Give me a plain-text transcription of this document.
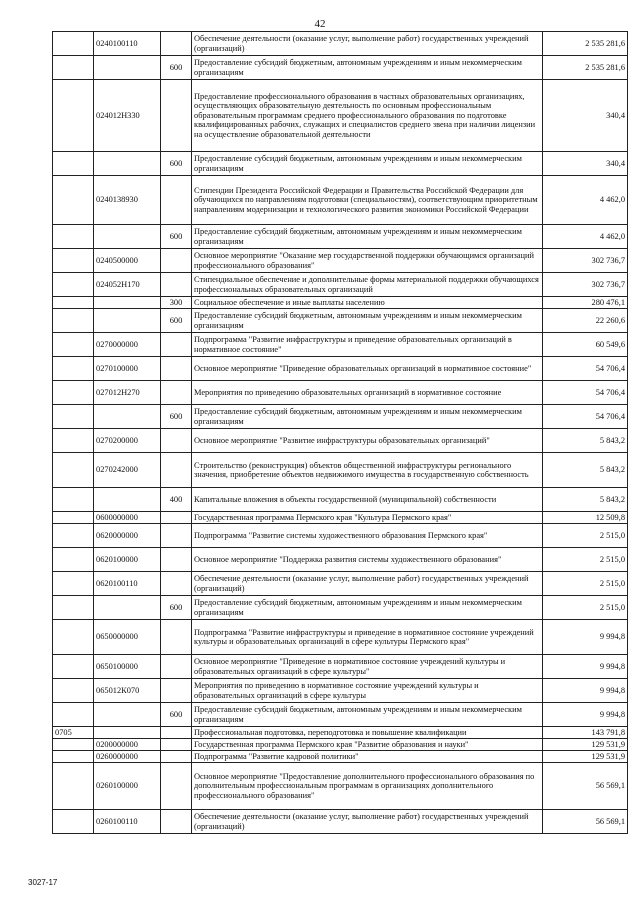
42
	0240100110		Обеспечение деятельности (оказание услуг, выполнение работ) государственных учреждений (организаций)	2 535 281,6
		600	Предоставление субсидий бюджетным, автономным учреждениям и иным некоммерческим организациям	2 535 281,6
	024012Н330		Предоставление профессионального образования в частных образовательных организациях, осуществляющих образовательную деятельность по основным профессиональным образовательным программам среднего профессионального образования по подготовке квалифицированных рабочих, служащих и специалистов среднего звена при наличии лицензии на осуществление образовательной деятельности	340,4
		600	Предоставление субсидий бюджетным, автономным учреждениям и иным некоммерческим организациям	340,4
	0240138930		Стипендии Президента Российской Федерации и Правительства Российской Федерации для обучающихся по направлениям подготовки (специальностям), соответствующим приоритетным направлениям модернизации и технологического развития экономики Российской Федерации	4 462,0
		600	Предоставление субсидий бюджетным, автономным учреждениям и иным некоммерческим организациям	4 462,0
	0240500000		Основное мероприятие "Оказание мер государственной поддержки обучающимся организаций профессионального образования"	302 736,7
	024052Н170		Стипендиальное обеспечение и дополнительные формы материальной поддержки обучающихся профессиональных образовательных организаций	302 736,7
		300	Социальное обеспечение и иные выплаты населению	280 476,1
		600	Предоставление субсидий бюджетным, автономным учреждениям и иным некоммерческим организациям	22 260,6
	0270000000		Подпрограмма "Развитие инфраструктуры и приведение образовательных организаций в нормативное состояние"	60 549,6
	0270100000		Основное мероприятие "Приведение образовательных организаций в нормативное состояние"	54 706,4
	027012Н270		Мероприятия по приведению образовательных организаций в нормативное состояние	54 706,4
		600	Предоставление субсидий бюджетным, автономным учреждениям и иным некоммерческим организациям	54 706,4
	0270200000		Основное мероприятие "Развитие инфраструктуры образовательных организаций"	5 843,2
	0270242000		Строительство (реконструкция) объектов общественной инфраструктуры регионального значения, приобретение объектов недвижимого имущества в государственную собственность	5 843,2
		400	Капитальные вложения в объекты государственной (муниципальной) собственности	5 843,2
	0600000000		Государственная программа Пермского края "Культура Пермского края"	12 509,8
	0620000000		Подпрограмма "Развитие системы художественного образования Пермского края"	2 515,0
	0620100000		Основное мероприятие "Поддержка развития системы художественного образования"	2 515,0
	0620100110		Обеспечение деятельности (оказание услуг, выполнение работ) государственных учреждений (организаций)	2 515,0
		600	Предоставление субсидий бюджетным, автономным учреждениям и иным некоммерческим организациям	2 515,0
	0650000000		Подпрограмма "Развитие инфраструктуры и приведение в нормативное состояние учреждений культуры и образовательных организаций в сфере культуры Пермского края"	9 994,8
	0650100000		Основное мероприятие "Приведение в нормативное состояние учреждений культуры и образовательных организаций в сфере культуры"	9 994,8
	065012К070		Мероприятия по приведению в нормативное состояние учреждений культуры и образовательных организаций в сфере культуры	9 994,8
		600	Предоставление субсидий бюджетным, автономным учреждениям и иным некоммерческим организациям	9 994,8
0705			Профессиональная подготовка, переподготовка и повышение квалификации	143 791,8
	0200000000		Государственная программа Пермского края "Развитие образования и науки"	129 531,9
	0260000000		Подпрограмма "Развитие кадровой политики"	129 531,9
	0260100000		Основное мероприятие "Предоставление дополнительного профессионального образования по дополнительным профессиональным программам в организациях дополнительного профессионального образования"	56 569,1
	0260100110		Обеспечение деятельности (оказание услуг, выполнение работ) государственных учреждений (организаций)	56 569,1
3027-17
